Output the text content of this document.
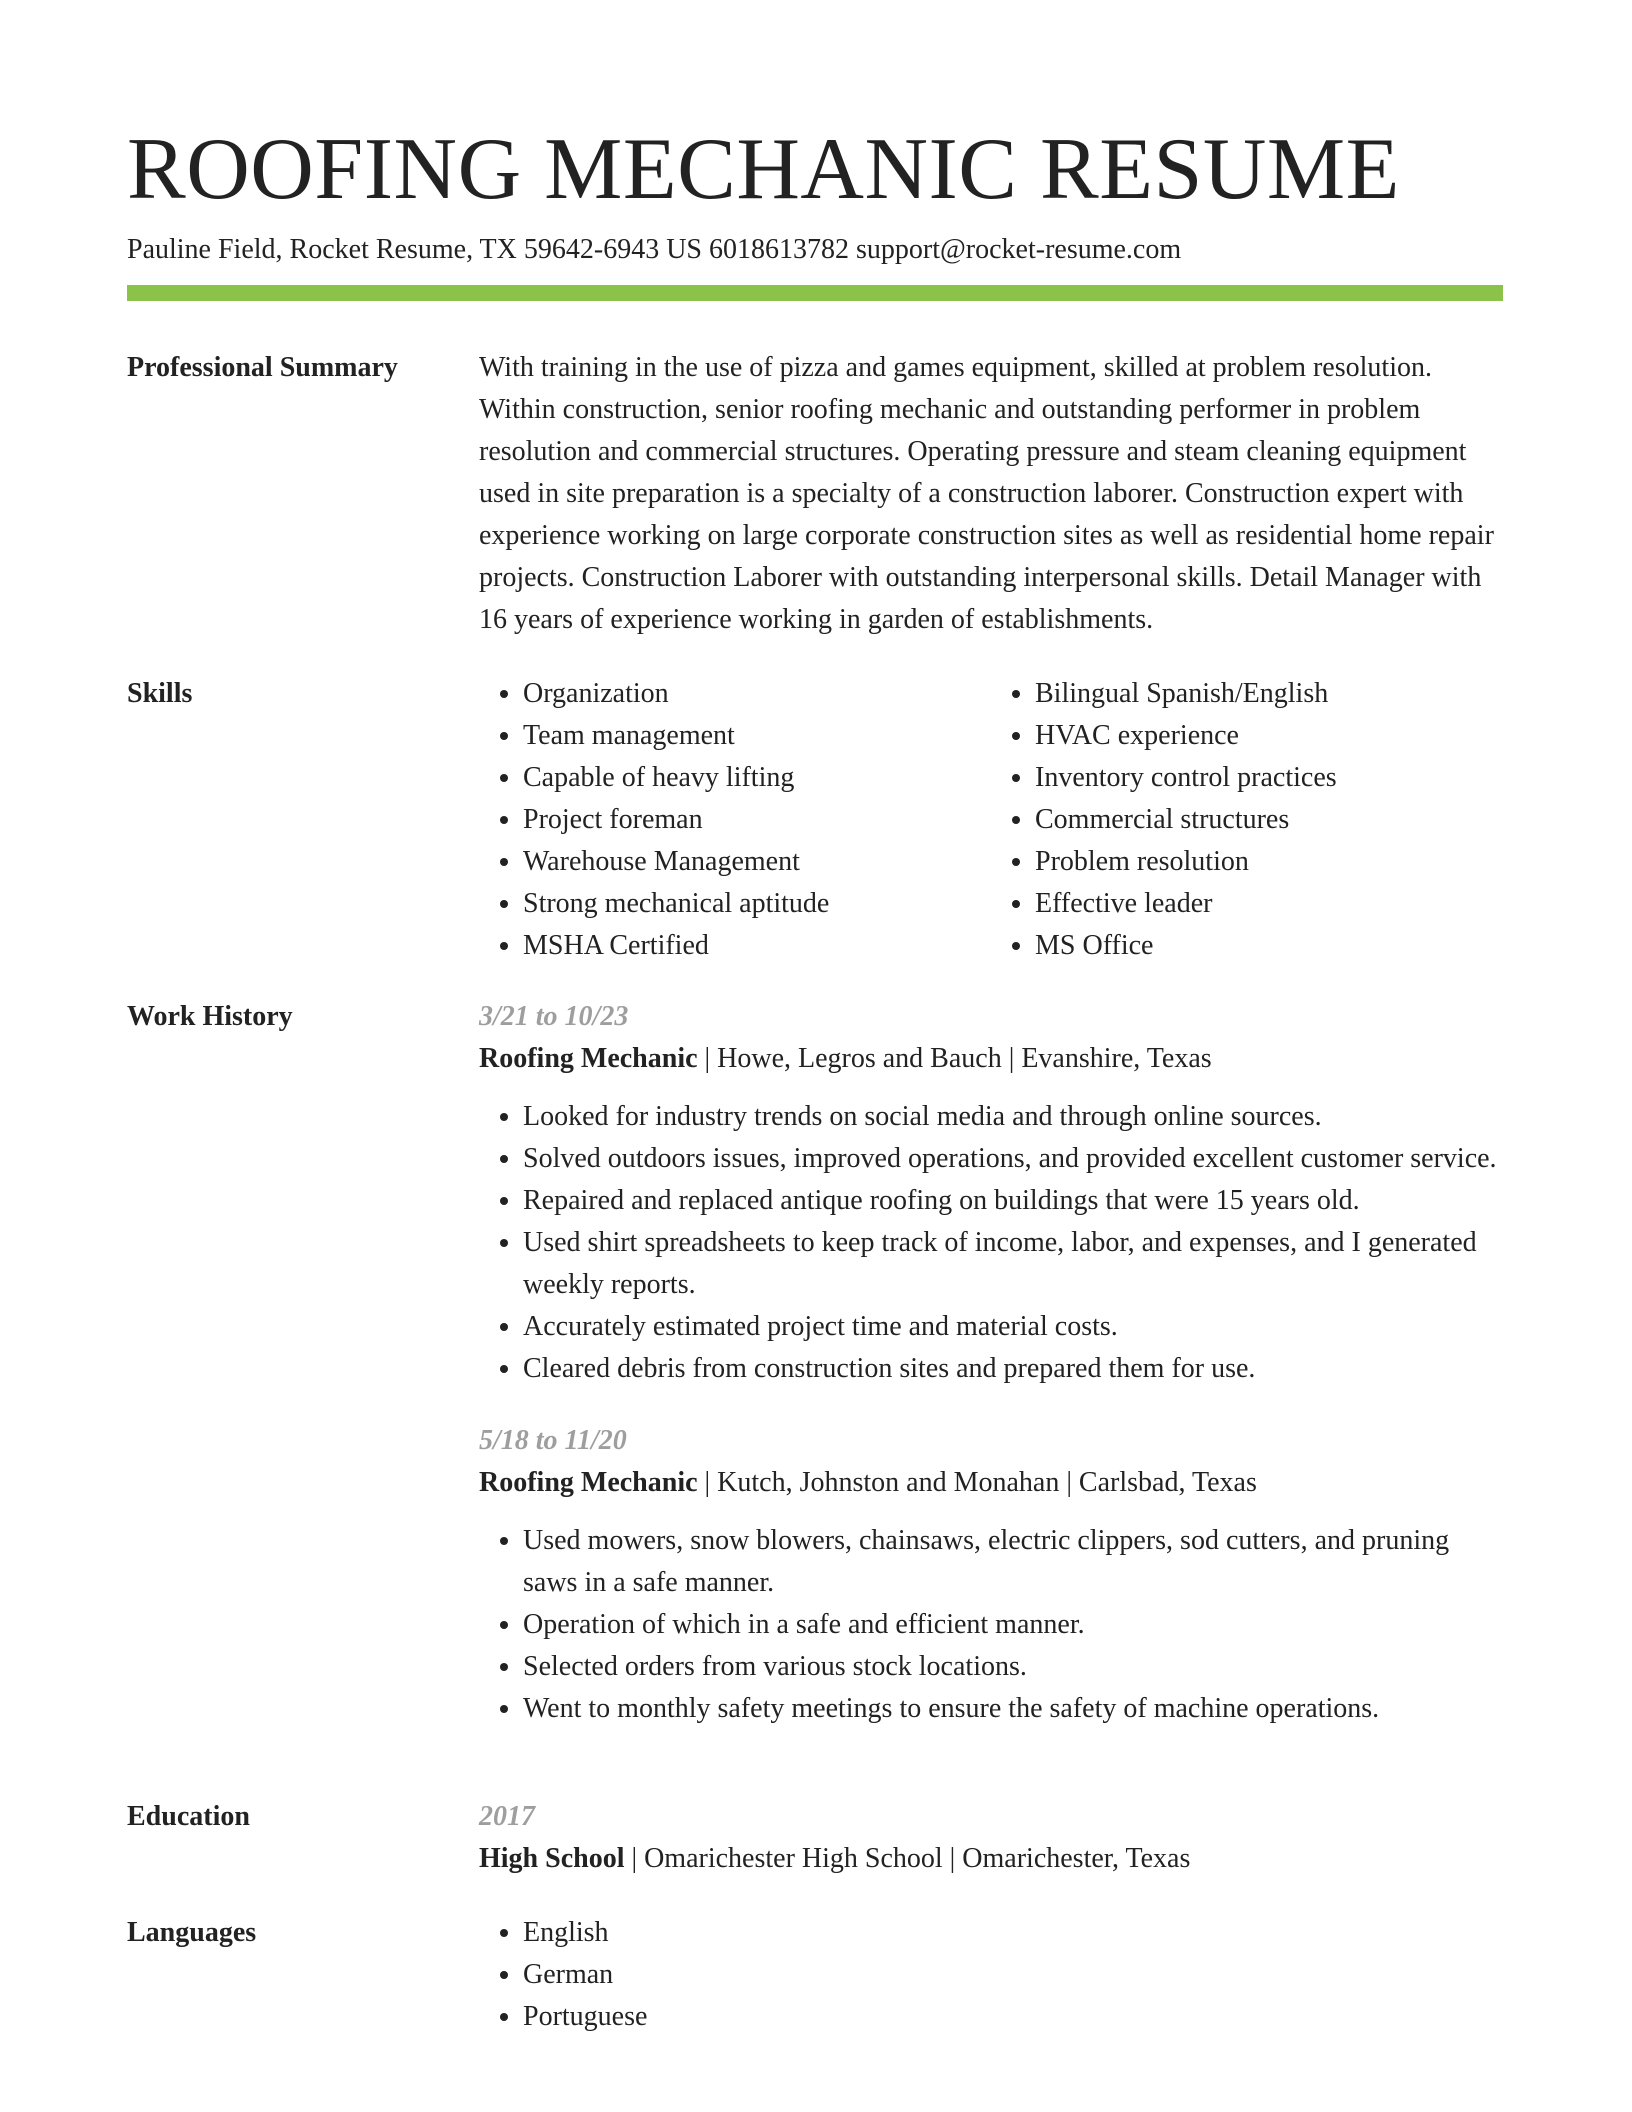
ROOFING MECHANIC RESUME
Pauline Field, Rocket Resume, TX 59642-6943 US 6018613782 support@rocket-resume.com
Professional Summary	With training in the use of pizza and games equipment, skilled at problem resolution. Within construction, senior roofing mechanic and outstanding performer in problem resolution and commercial structures. Operating pressure and steam cleaning equipment used in site preparation is a specialty of a construction laborer. Construction expert with experience working on large corporate construction sites as well as residential home repair projects. Construction Laborer with outstanding interpersonal skills. Detail Manager with 16 years of experience working in garden of establishments.

Skills	• Organization
• Team management
• Capable of heavy lifting
• Project foreman
• Warehouse Management
• Strong mechanical aptitude
• MSHA Certified
• Bilingual Spanish/English
• HVAC experience
• Inventory control practices
• Commercial structures
• Problem resolution
• Effective leader
• MS Office
Work History	3/21 to 10/23
Roofing Mechanic | Howe, Legros and Bauch | Evanshire, Texas
• Looked for industry trends on social media and through online sources.
• Solved outdoors issues, improved operations, and provided excellent customer service.
• Repaired and replaced antique roofing on buildings that were 15 years old.
• Used shirt spreadsheets to keep track of income, labor, and expenses, and I generated weekly reports.
• Accurately estimated project time and material costs.
• Cleared debris from construction sites and prepared them for use.
5/18 to 11/20
Roofing Mechanic | Kutch, Johnston and Monahan | Carlsbad, Texas
• Used mowers, snow blowers, chainsaws, electric clippers, sod cutters, and pruning saws in a safe manner.
• Operation of which in a safe and efficient manner.
• Selected orders from various stock locations.
• Went to monthly safety meetings to ensure the safety of machine operations.
Education	2017
High School | Omarichester High School | Omarichester, Texas
Languages	• English
• German
• Portuguese
